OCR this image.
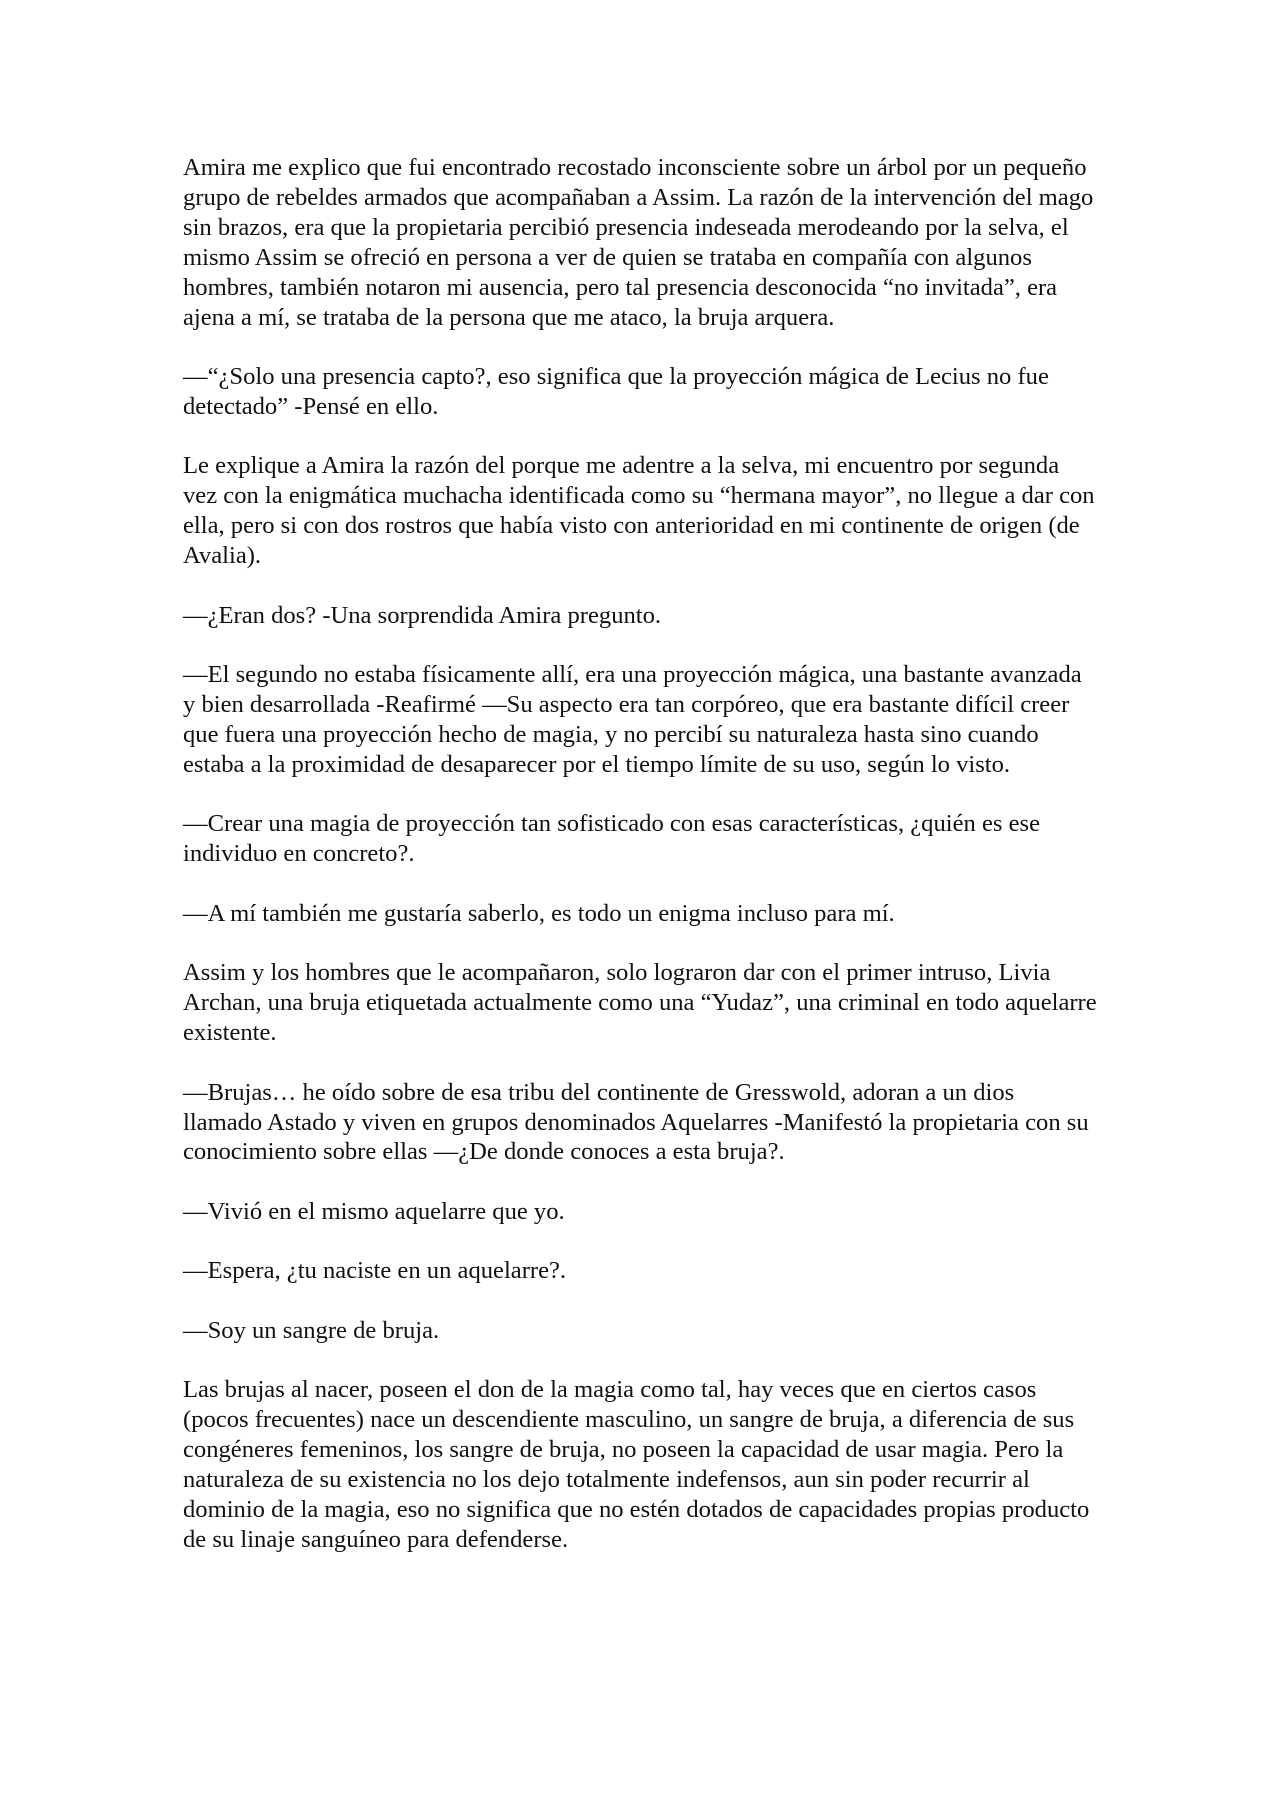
Amira me explico que fui encontrado recostado inconsciente sobre un árbol por un pequeño grupo de rebeldes armados que acompañaban a Assim. La razón de la intervención del mago sin brazos, era que la propietaria percibió presencia indeseada merodeando por la selva, el mismo Assim se ofreció en persona a ver de quien se trataba en compañía con algunos hombres, también notaron mi ausencia, pero tal presencia desconocida “no invitada”, era ajena a mí, se trataba de la persona que me ataco, la bruja arquera.

—“¿Solo una presencia capto?, eso significa que la proyección mágica de Lecius no fue detectado” -Pensé en ello.

Le explique a Amira la razón del porque me adentre a la selva, mi encuentro por segunda vez con la enigmática muchacha identificada como su “hermana mayor”, no llegue a dar con ella, pero si con dos rostros que había visto con anterioridad en mi continente de origen (de Avalia).

—¿Eran dos? -Una sorprendida Amira pregunto.

—El segundo no estaba físicamente allí, era una proyección mágica, una bastante avanzada y bien desarrollada -Reafirmé —Su aspecto era tan corpóreo, que era bastante difícil creer que fuera una proyección hecho de magia, y no percibí su naturaleza hasta sino cuando estaba a la proximidad de desaparecer por el tiempo límite de su uso, según lo visto.

—Crear una magia de proyección tan sofisticado con esas características, ¿quién es ese individuo en concreto?.

—A mí también me gustaría saberlo, es todo un enigma incluso para mí.

Assim y los hombres que le acompañaron, solo lograron dar con el primer intruso, Livia Archan, una bruja etiquetada actualmente como una “Yudaz”, una criminal en todo aquelarre existente.

—Brujas… he oído sobre de esa tribu del continente de Gresswold, adoran a un dios llamado Astado y viven en grupos denominados Aquelarres -Manifestó la propietaria con su conocimiento sobre ellas —¿De donde conoces a esta bruja?.

—Vivió en el mismo aquelarre que yo.

—Espera, ¿tu naciste en un aquelarre?.

—Soy un sangre de bruja.

Las brujas al nacer, poseen el don de la magia como tal, hay veces que en ciertos casos (pocos frecuentes) nace un descendiente masculino, un sangre de bruja, a diferencia de sus congéneres femeninos, los sangre de bruja, no poseen la capacidad de usar magia. Pero la naturaleza de su existencia no los dejo totalmente indefensos, aun sin poder recurrir al dominio de la magia, eso no significa que no estén dotados de capacidades propias producto de su linaje sanguíneo para defenderse.
